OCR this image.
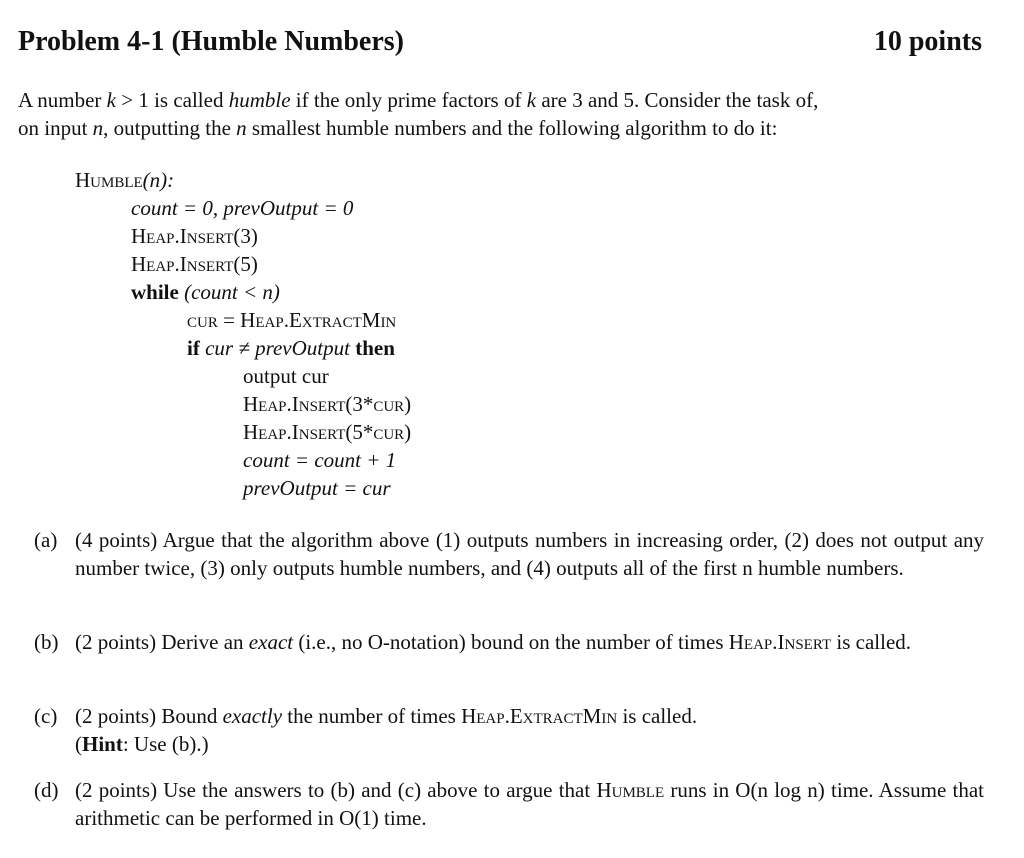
Problem 4-1 (Humble Numbers)	10 points
A number k > 1 is called humble if the only prime factors of k are 3 and 5. Consider the task of,
on input n, outputting the n smallest humble numbers and the following algorithm to do it:
Humble(n):
count = 0, prevOutput = 0
Heap.Insert(3)
Heap.Insert(5)
while (count < n)
cur = Heap.ExtractMin
if cur ≠ prevOutput then
output cur
Heap.Insert(3*cur)
Heap.Insert(5*cur)
count = count + 1
prevOutput = cur
(a) (4 points) Argue that the algorithm above (1) outputs numbers in increasing order, (2) does not output any number twice, (3) only outputs humble numbers, and (4) outputs all of the first n humble numbers.
(b) (2 points) Derive an exact (i.e., no O-notation) bound on the number of times Heap.Insert is called.
(c) (2 points) Bound exactly the number of times Heap.ExtractMin is called.
(Hint: Use (b).)
(d) (2 points) Use the answers to (b) and (c) above to argue that Humble runs in O(n log n) time. Assume that arithmetic can be performed in O(1) time.
